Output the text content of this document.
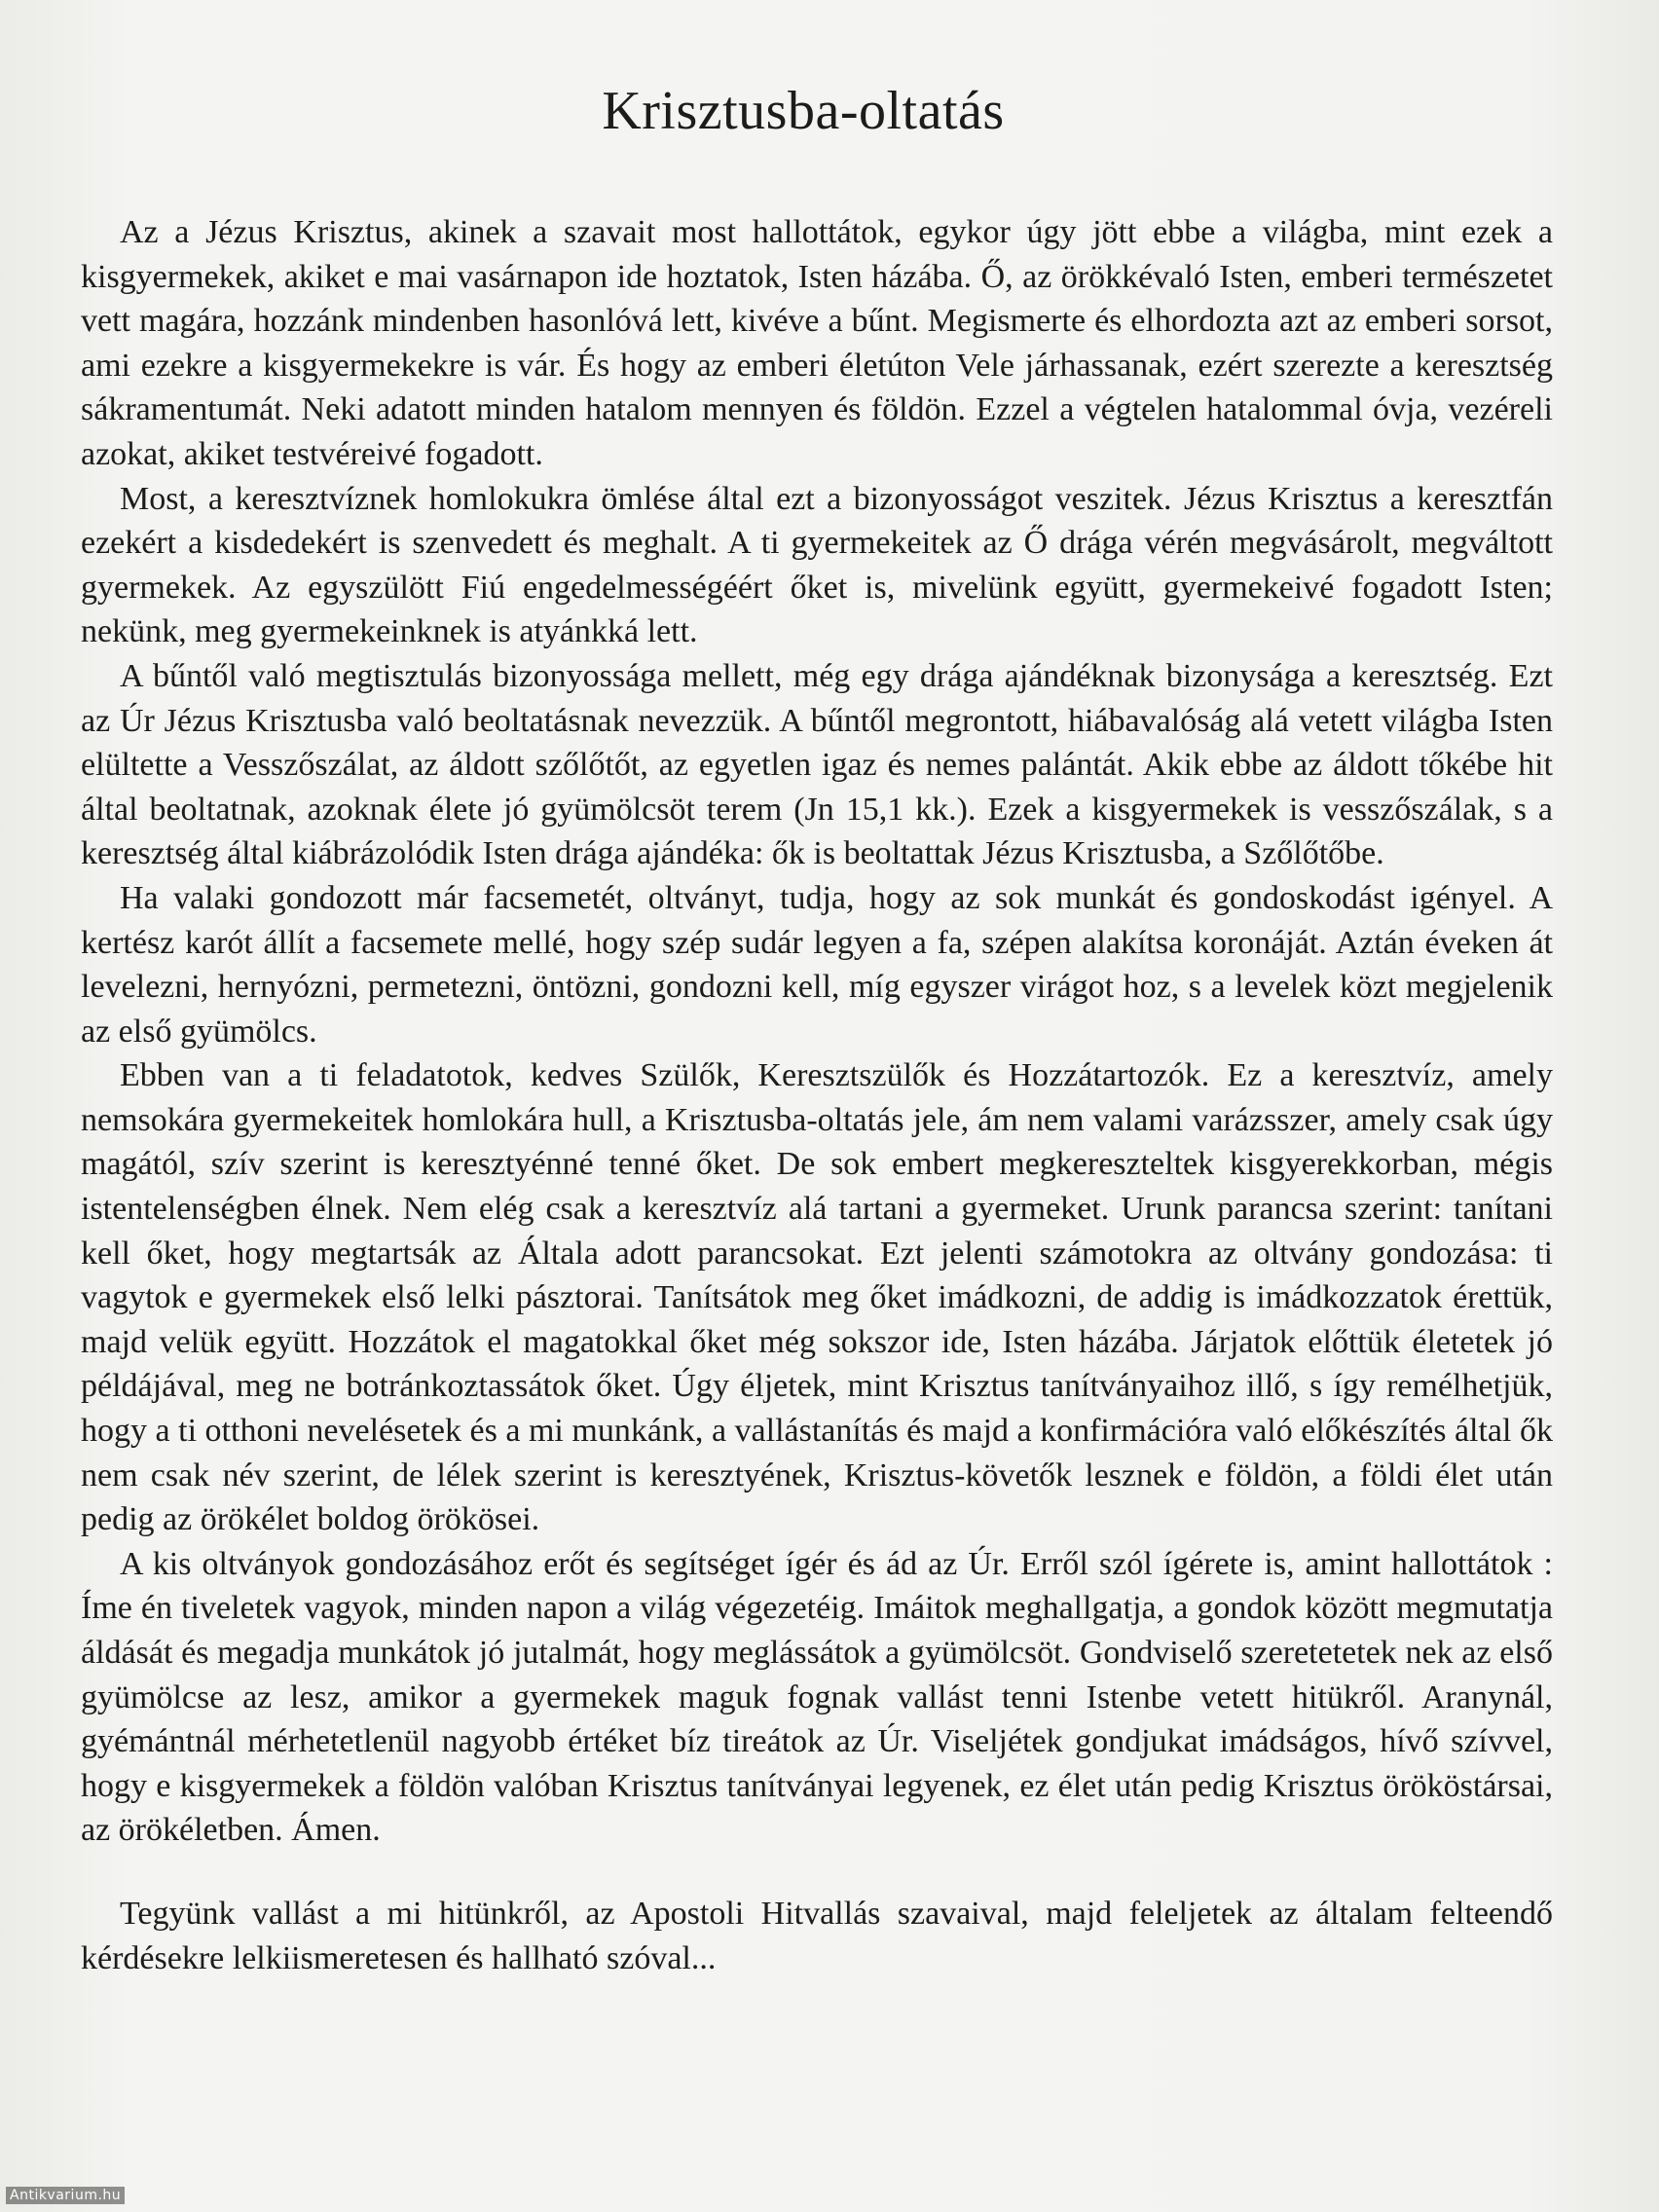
Krisztusba-oltatás

Az a Jézus Krisztus, akinek a szavait most hallottátok, egykor úgy jött ebbe a világba, mint ezek a kisgyermekek, akiket e mai vasárnapon ide hoztatok, Isten házába. Ő, az örökkévaló Isten, emberi természetet vett magára, hozzánk mindenben hasonlóvá lett, kivéve a bűnt. Megismerte és elhordozta azt az emberi sorsot, ami ezekre a kisgyermekekre is vár. És hogy az emberi életúton Vele járhassanak, ezért szerezte a keresztség sákramentumát. Neki adatott minden hatalom mennyen és földön. Ezzel a végtelen hatalommal óvja, vezéreli azokat, akiket testvéreivé fogadott.

Most, a keresztvíznek homlokukra ömlése által ezt a bizonyosságot veszitek. Jézus Krisztus a keresztfán ezekért a kisdedekért is szenvedett és meghalt. A ti gyermekeitek az Ő drága vérén megvásárolt, megváltott gyermekek. Az egyszülött Fiú engedelmességéért őket is, mivelünk együtt, gyermekeivé fogadott Isten; nekünk, meg gyermekeinknek is atyánkká lett.

A bűntől való megtisztulás bizonyossága mellett, még egy drága ajándéknak bizonysága a keresztség. Ezt az Úr Jézus Krisztusba való beoltatásnak nevezzük. A bűntől megrontott, hiábavalóság alá vetett világba Isten elültette a Vesszőszálat, az áldott szőlőtőt, az egyetlen igaz és nemes palántát. Akik ebbe az áldott tőkébe hit által beoltatnak, azoknak élete jó gyümölcsöt terem (Jn 15,1 kk.). Ezek a kisgyermekek is vesszőszálak, s a keresztség által kiábrázolódik Isten drága ajándéka: ők is beoltattak Jézus Krisztusba, a Szőlőtőbe.

Ha valaki gondozott már facsemetét, oltványt, tudja, hogy az sok munkát és gondoskodást igényel. A kertész karót állít a facsemete mellé, hogy szép sudár legyen a fa, szépen alakítsa koronáját. Aztán éveken át levelezni, hernyózni, permetezni, öntözni, gondozni kell, míg egyszer virágot hoz, s a levelek közt megjelenik az első gyümölcs.

Ebben van a ti feladatotok, kedves Szülők, Keresztszülők és Hozzátartozók. Ez a keresztvíz, amely nemsokára gyermekeitek homlokára hull, a Krisztusba-oltatás jele, ám nem valami varázsszer, amely csak úgy magától, szív szerint is keresztyénné tenné őket. De sok embert megkereszteltek kisgyerekkorban, mégis istentelenségben élnek. Nem elég csak a keresztvíz alá tartani a gyermeket. Urunk parancsa szerint: tanítani kell őket, hogy megtartsák az Általa adott parancsokat. Ezt jelenti számotokra az oltvány gondozása: ti vagytok e gyermekek első lelki pásztorai. Tanítsátok meg őket imádkozni, de addig is imádkozzatok érettük, majd velük együtt. Hozzátok el magatokkal őket még sokszor ide, Isten házába. Járjatok előttük életetek jó példájával, meg ne botránkoztassátok őket. Úgy éljetek, mint Krisztus tanítványaihoz illő, s így remélhetjük, hogy a ti otthoni nevelésetek és a mi munkánk, a vallástanítás és majd a konfirmációra való előkészítés által ők nem csak név szerint, de lélek szerint is keresztyének, Krisztus-követők lesznek e földön, a földi élet után pedig az örökélet boldog örökösei.

A kis oltványok gondozásához erőt és segítséget ígér és ád az Úr. Erről szól ígérete is, amint hallottátok : Íme én tiveletek vagyok, minden napon a világ végezetéig. Imáitok meghallgatja, a gondok között megmutatja áldását és megadja munkátok jó jutalmát, hogy meglássátok a gyümölcsöt. Gondviselő szeretetetek nek az első gyümölcse az lesz, amikor a gyermekek maguk fognak vallást tenni Istenbe vetett hitükről. Aranynál, gyémántnál mérhetetlenül nagyobb értéket bíz tireátok az Úr. Viseljétek gondjukat imádságos, hívő szívvel, hogy e kisgyermekek a földön valóban Krisztus tanítványai legyenek, ez élet után pedig Krisztus örököstársai, az örökéletben. Ámen.

Tegyünk vallást a mi hitünkről, az Apostoli Hitvallás szavaival, majd feleljetek az általam felteendő kérdésekre lelkiismeretesen és hallható szóval...

Antikvarium.hu
